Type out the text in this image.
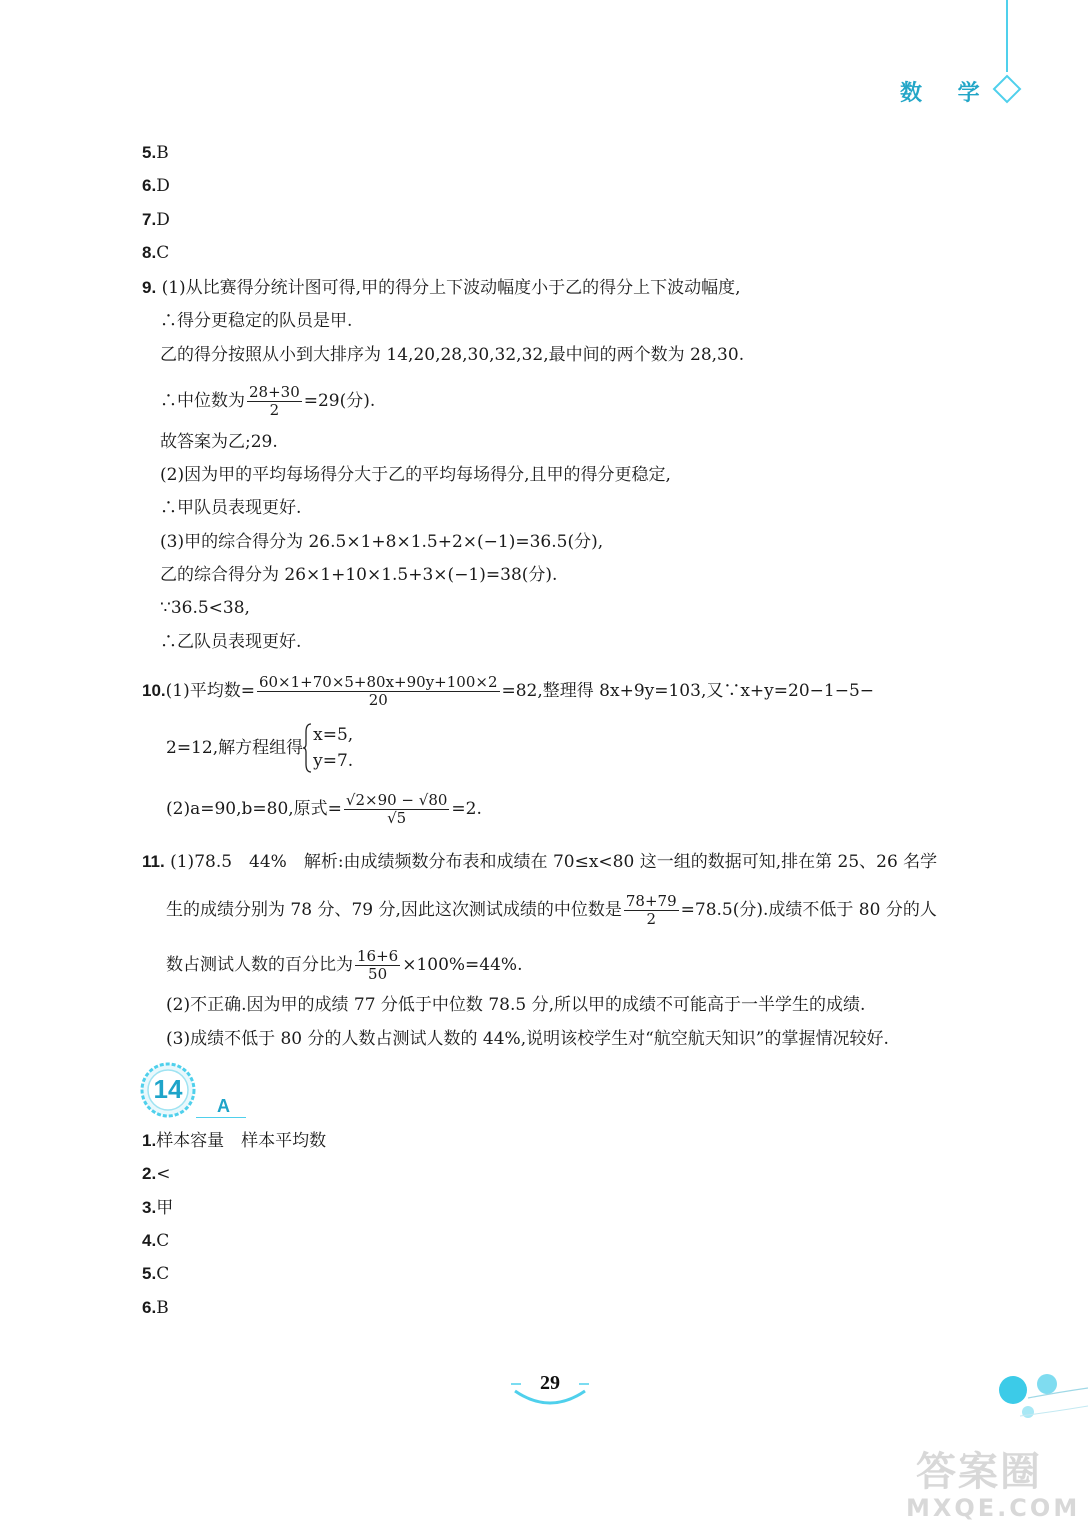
数 学
5.B
6.D
7.D
8.C
9. (1)从比赛得分统计图可得,甲的得分上下波动幅度小于乙的得分上下波动幅度,
∴得分更稳定的队员是甲.
乙的得分按照从小到大排序为 14,20,28,30,32,32,最中间的两个数为 28,30.
∴中位数为 $\frac{28+30}{2} =29$(分).
故答案为乙;29.
(2)因为甲的平均每场得分大于乙的平均每场得分,且甲的得分更稳定,
∴甲队员表现更好.
(3)甲的综合得分为 26.5×1+8×1.5+2×(−1)=36.5(分),
乙的综合得分为 26×1+10×1.5+3×(−1)=38(分).
∵36.5<38,
∴乙队员表现更好.
10.(1)平均数= $\frac{60\times 1+70\times 5+80x+90y+100\times 2}{20} =82$,整理得 8x+9y=103,又∵x+y=20−1−5−
2=12,解方程组得
x=5,
y=7.
(2)a=90,b=80,原式= $\frac{√2\times 90 - √80}{√5} =2$.
11. (1)78.5　44%　解析:由成绩频数分布表和成绩在 70≤x<80 这一组的数据可知,排在第 25、26 名学
生的成绩分别为 78 分、79 分,因此这次测试成绩的中位数是 $\frac{78+79}{2} =78.5$(分).成绩不低于 80 分的人
数占测试人数的百分比为 $\frac{16+6}{50} \times 100\%=44\%$.
(2)不正确.因为甲的成绩 77 分低于中位数 78.5 分,所以甲的成绩不可能高于一半学生的成绩.
(3)成绩不低于 80 分的人数占测试人数的 44%,说明该校学生对“航空航天知识”的掌握情况较好.
14
A
1.样本容量　样本平均数
2.<
3.甲
4.C
5.C
6.B
29
答案圈
MXQE.COM
